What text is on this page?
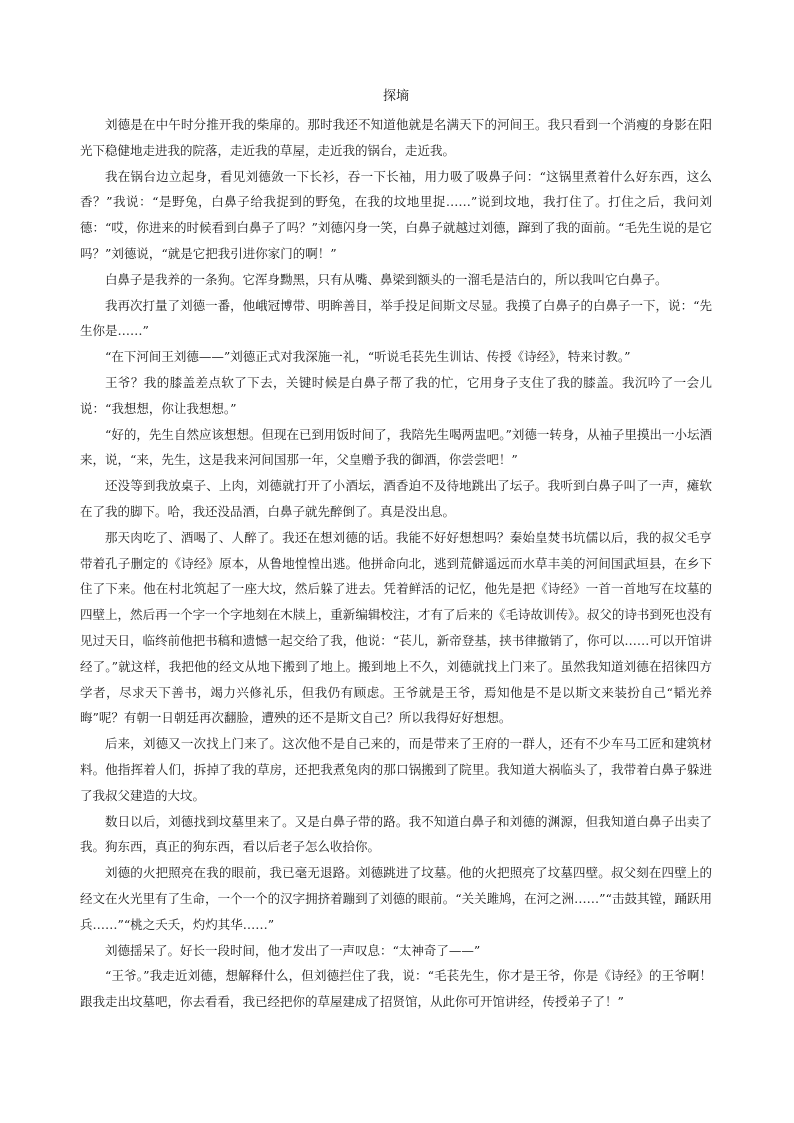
探墒

刘德是在中午时分推开我的柴扉的。那时我还不知道他就是名满天下的河间王。我只看到一个消瘦的身影在阳光下稳健地走进我的院落，走近我的草屋，走近我的锅台，走近我。

我在锅台边立起身，看见刘德敛一下长衫，吞一下长袖，用力吸了吸鼻子问：“这锅里煮着什么好东西，这么香？”我说：“是野兔，白鼻子给我捉到的野兔，在我的坟地里捉……”说到坟地，我打住了。打住之后，我问刘德：“哎，你进来的时候看到白鼻子了吗？”刘德闪身一笑，白鼻子就越过刘德，蹿到了我的面前。“毛先生说的是它吗？”刘德说，“就是它把我引进你家门的啊！”

白鼻子是我养的一条狗。它浑身黝黑，只有从嘴、鼻梁到额头的一溜毛是洁白的，所以我叫它白鼻子。

我再次打量了刘德一番，他峨冠博带、明眸善目，举手投足间斯文尽显。我摸了白鼻子的白鼻子一下，说：“先生你是……”

“在下河间王刘德——”刘德正式对我深施一礼，“听说毛苌先生训诂、传授《诗经》，特来讨教。”

王爷？我的膝盖差点软了下去，关键时候是白鼻子帮了我的忙，它用身子支住了我的膝盖。我沉吟了一会儿说：“我想想，你让我想想。”

“好的，先生自然应该想想。但现在已到用饭时间了，我陪先生喝两盅吧。”刘德一转身，从袖子里摸出一小坛酒来，说，“来，先生，这是我来河间国那一年，父皇赠予我的御酒，你尝尝吧！”

还没等到我放桌子、上肉，刘德就打开了小酒坛，酒香迫不及待地跳出了坛子。我听到白鼻子叫了一声，瘫软在了我的脚下。哈，我还没品酒，白鼻子就先醉倒了。真是没出息。

那天肉吃了、酒喝了、人醉了。我还在想刘德的话。我能不好好想想吗？秦始皇焚书坑儒以后，我的叔父毛亨带着孔子删定的《诗经》原本，从鲁地惶惶出逃。他拼命向北，逃到荒僻遥远而水草丰美的河间国武垣县，在乡下住了下来。他在村北筑起了一座大坟，然后躲了进去。凭着鲜活的记忆，他先是把《诗经》一首一首地写在坟墓的四壁上，然后再一个字一个字地刻在木牍上，重新编辑校注，才有了后来的《毛诗故训传》。叔父的诗书到死也没有见过天日，临终前他把书稿和遗憾一起交给了我，他说：“苌儿，新帝登基，挟书律撤销了，你可以……可以开馆讲经了。”就这样，我把他的经文从地下搬到了地上。搬到地上不久，刘德就找上门来了。虽然我知道刘德在招徕四方学者，尽求天下善书，竭力兴修礼乐，但我仍有顾虑。王爷就是王爷，焉知他是不是以斯文来装扮自己“韬光养晦”呢？有朝一日朝廷再次翻脸，遭殃的还不是斯文自己？所以我得好好想想。

后来，刘德又一次找上门来了。这次他不是自己来的，而是带来了王府的一群人，还有不少车马工匠和建筑材料。他指挥着人们，拆掉了我的草房，还把我煮兔肉的那口锅搬到了院里。我知道大祸临头了，我带着白鼻子躲进了我叔父建造的大坟。

数日以后，刘德找到坟墓里来了。又是白鼻子带的路。我不知道白鼻子和刘德的渊源，但我知道白鼻子出卖了我。狗东西，真正的狗东西，看以后老子怎么收拾你。

刘德的火把照亮在我的眼前，我已毫无退路。刘德跳进了坟墓。他的火把照亮了坟墓四壁。叔父刻在四壁上的经文在火光里有了生命，一个一个的汉字拥挤着蹦到了刘德的眼前。“关关雎鸠，在河之洲……”“击鼓其镗，踊跃用兵……”“桃之夭夭，灼灼其华……”

刘德揺呆了。好长一段时间，他才发出了一声叹息：“太神奇了——”

“王爷。”我走近刘德，想解释什么，但刘德拦住了我，说：“毛苌先生，你才是王爷，你是《诗经》的王爷啊！跟我走出坟墓吧，你去看看，我已经把你的草屋建成了招贤馆，从此你可开馆讲经，传授弟子了！”
